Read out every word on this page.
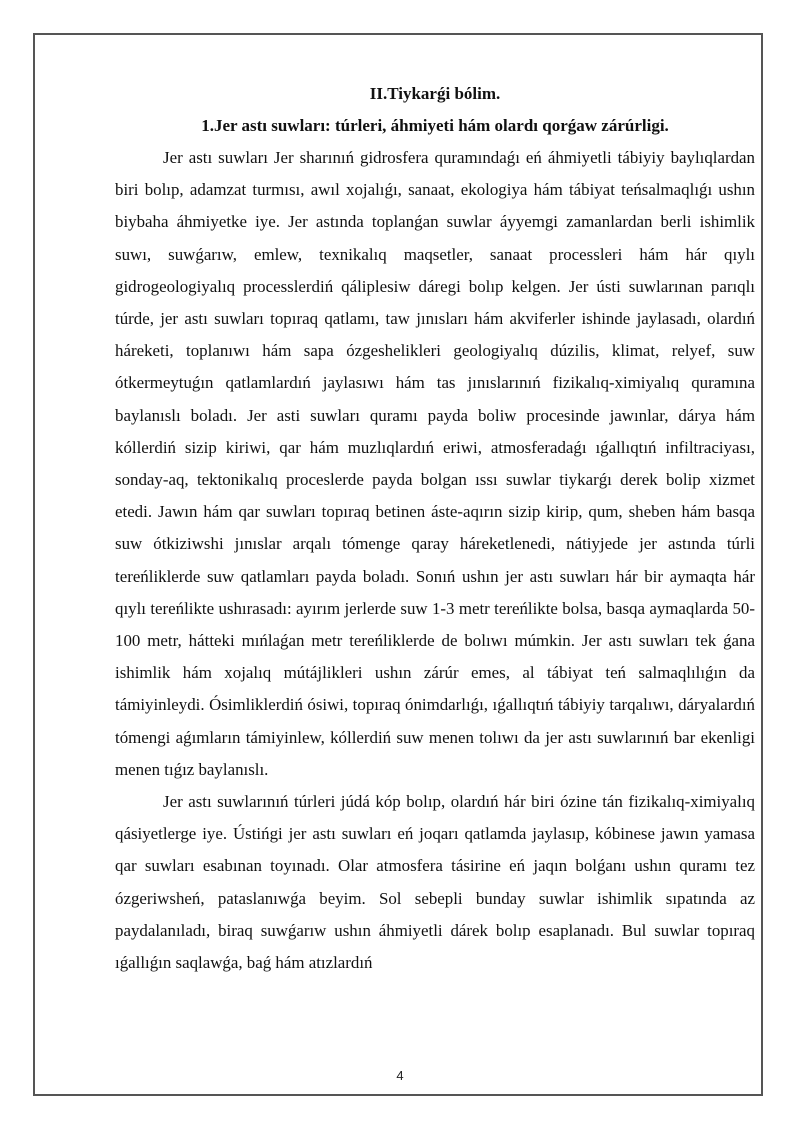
II.Tiykarǵi bólim.
1.Jer astı suwları: túrleri, áhmiyeti hám olardı qorǵaw zárúrligi.

Jer astı suwları Jer sharınıń gidrosfera quramındaǵı eń áhmiyetli tábiyiy baylıqlardan biri bolıp, adamzat turmısı, awıl xojalıǵı, sanaat, ekologiya hám tábiyat teńsalmaqlıǵı ushın biybaha áhmiyetke iye. Jer astında toplanǵan suwlar áyyemgi zamanlardan berli ishimlik suwı, suwǵarıw, emlew, texnikalıq maqsetler, sanaat processleri hám hár qıylı gidrogeologiyalıq processlerdiń qáliplesiw dáregi bolıp kelgen. Jer ústi suwlarınan parıqlı túrde, jer astı suwları topıraq qatlamı, taw jınısları hám akviferler ishinde jaylasadı, olardıń háreketi, toplanıwı hám sapa ózgeshelikleri geologiyalıq dúzilis, klimat, relyef, suw ótkermeytuǵın qatlamlardıń jaylasıwı hám tas jınıslarınıń fizikalıq-ximiyalıq quramına baylanıslı boladı. Jer asti suwları quramı payda boliw procesinde jawınlar, dárya hám kóllerdiń sizip kiriwi, qar hám muzlıqlardıń eriwi, atmosferadaǵı ıǵallıqtıń infiltraciyası, sonday-aq, tektonikalıq proceslerde payda bolgan ıssı suwlar tiykarǵı derek bolip xizmet etedi. Jawın hám qar suwları topıraq betinen áste-aqırın sizip kirip, qum, sheben hám basqa suw ótkiziwshi jınıslar arqalı tómenge qaray háreketlenedi, nátiyjede jer astında túrli tereńliklerde suw qatlamları payda boladı. Sonıń ushın jer astı suwları hár bir aymaqta hár qıylı tereńlikte ushırasadı: ayırım jerlerde suw 1-3 metr tereńlikte bolsa, basqa aymaqlarda 50-100 metr, hátteki mıńlaǵan metr tereńliklerde de bolıwı múmkin. Jer astı suwları tek ǵana ishimlik hám xojalıq mútájlikleri ushın zárúr emes, al tábiyat teń salmaqlılıǵın da támiyinleydi. Ósimliklerdiń ósiwi, topıraq ónimdarlıǵı, ıǵallıqtıń tábiyiy tarqalıwı, dáryalardıń tómengi aǵımların támiyinlew, kóllerdiń suw menen tolıwı da jer astı suwlarınıń bar ekenligi menen tıǵız baylanıslı.

Jer astı suwlarınıń túrleri júdá kóp bolıp, olardıń hár biri ózine tán fizikalıq-ximiyalıq qásiyetlerge iye. Ústińgi jer astı suwları eń joqarı qatlamda jaylasıp, kóbinese jawın yamasa qar suwları esabınan toyınadı. Olar atmosfera tásirine eń jaqın bolǵanı ushın quramı tez ózgeriwsheń, pataslanıwǵa beyim. Sol sebepli bunday suwlar ishimlik sıpatında az paydalanıladı, biraq suwǵarıw ushın áhmiyetli dárek bolıp esaplanadı. Bul suwlar topıraq ıǵallıǵın saqlawǵa, baǵ hám atızlardıń

4
